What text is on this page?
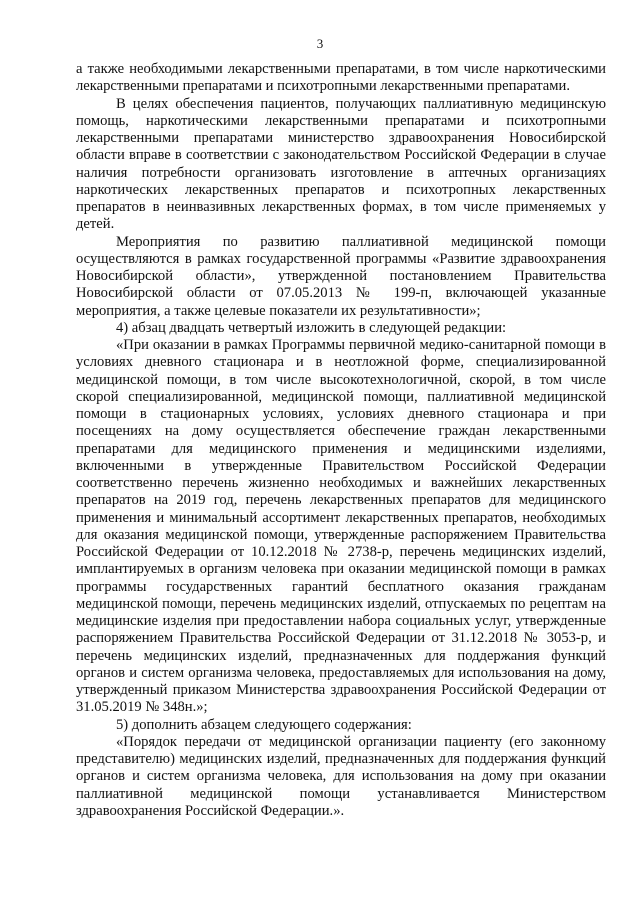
3

а также необходимыми лекарственными препаратами, в том числе наркотическими лекарственными препаратами и психотропными лекарственными препаратами.

В целях обеспечения пациентов, получающих паллиативную медицинскую помощь, наркотическими лекарственными препаратами и психотропными лекарственными препаратами министерство здравоохранения Новосибирской области вправе в соответствии с законодательством Российской Федерации в случае наличия потребности организовать изготовление в аптечных организациях наркотических лекарственных препаратов и психотропных лекарственных препаратов в неинвазивных лекарственных формах, в том числе применяемых у детей.

Мероприятия по развитию паллиативной медицинской помощи осуществляются в рамках государственной программы «Развитие здравоохранения Новосибирской области», утвержденной постановлением Правительства Новосибирской области от 07.05.2013 № 199-п, включающей указанные мероприятия, а также целевые показатели их результативности»;

4) абзац двадцать четвертый изложить в следующей редакции:

«При оказании в рамках Программы первичной медико-санитарной помощи в условиях дневного стационара и в неотложной форме, специализированной медицинской помощи, в том числе высокотехнологичной, скорой, в том числе скорой специализированной, медицинской помощи, паллиативной медицинской помощи в стационарных условиях, условиях дневного стационара и при посещениях на дому осуществляется обеспечение граждан лекарственными препаратами для медицинского применения и медицинскими изделиями, включенными в утвержденные Правительством Российской Федерации соответственно перечень жизненно необходимых и важнейших лекарственных препаратов на 2019 год, перечень лекарственных препаратов для медицинского применения и минимальный ассортимент лекарственных препаратов, необходимых для оказания медицинской помощи, утвержденные распоряжением Правительства Российской Федерации от 10.12.2018 № 2738-р, перечень медицинских изделий, имплантируемых в организм человека при оказании медицинской помощи в рамках программы государственных гарантий бесплатного оказания гражданам медицинской помощи, перечень медицинских изделий, отпускаемых по рецептам на медицинские изделия при предоставлении набора социальных услуг, утвержденные распоряжением Правительства Российской Федерации от 31.12.2018 № 3053-р, и перечень медицинских изделий, предназначенных для поддержания функций органов и систем организма человека, предоставляемых для использования на дому, утвержденный приказом Министерства здравоохранения Российской Федерации от 31.05.2019 № 348н.»;

5) дополнить абзацем следующего содержания:

«Порядок передачи от медицинской организации пациенту (его законному представителю) медицинских изделий, предназначенных для поддержания функций органов и систем организма человека, для использования на дому при оказании паллиативной медицинской помощи устанавливается Министерством здравоохранения Российской Федерации.».
